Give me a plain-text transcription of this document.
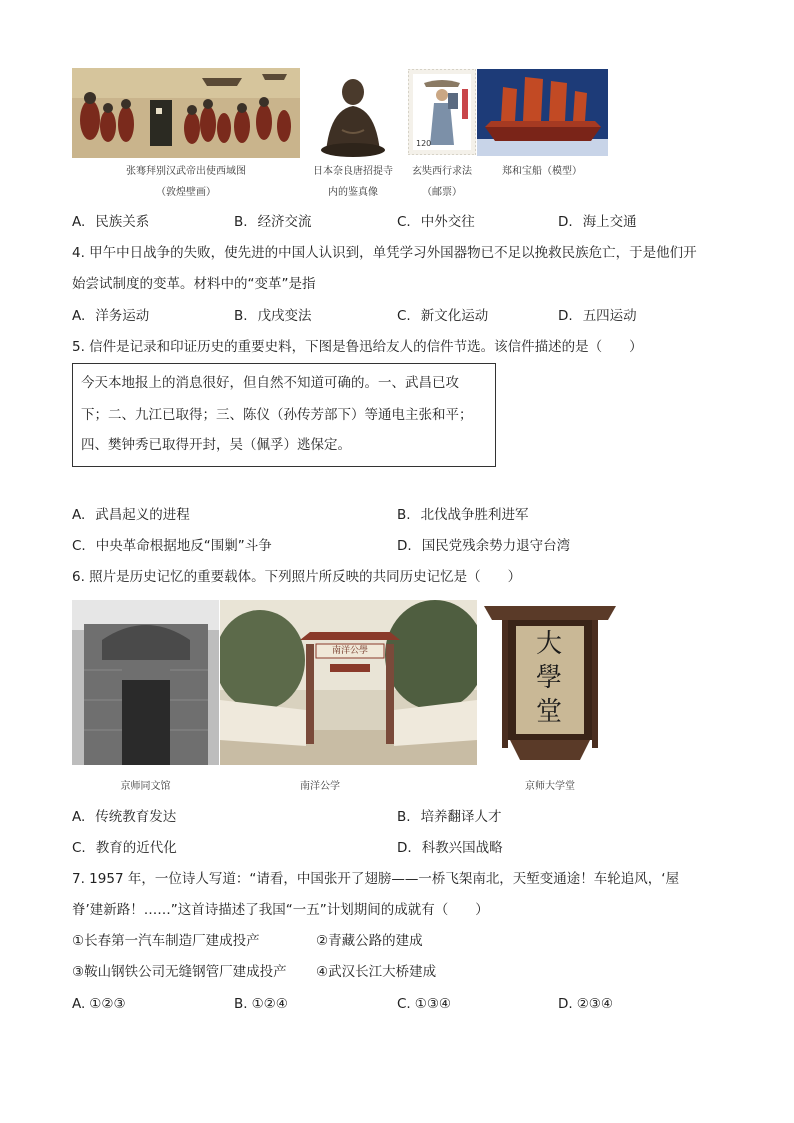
120
张骞拜别汉武帝出使西域图
（敦煌壁画）
日本奈良唐招提寺
内的鉴真像
玄奘西行求法
（邮票）
郑和宝船（模型）
A. 民族关系	B. 经济交流	C. 中外交往	D. 海上交通
4. 甲午中日战争的失败，使先进的中国人认识到，单凭学习外国器物已不足以挽救民族危亡，于是他们开
始尝试制度的变革。材料中的“变革”是指
A. 洋务运动	B. 戊戌变法	C. 新文化运动	D. 五四运动
5. 信件是记录和印证历史的重要史料，下图是鲁迅给友人的信件节选。该信件描述的是（　　）
今天本地报上的消息很好，但自然不知道可确的。一、武昌已攻
下；二、九江已取得；三、陈仪（孙传芳部下）等通电主张和平；
四、樊钟秀已取得开封，吴（佩孚）逃保定。
A. 武昌起义的进程	B. 北伐战争胜利进军
C. 中央革命根据地反“围剿”斗争	D. 国民党残余势力退守台湾
6. 照片是历史记忆的重要载体。下列照片所反映的共同历史记忆是（　　）
南洋公學	大
學
堂
京师同文馆	南洋公学	京师大学堂
A. 传统教育发达	B. 培养翻译人才
C. 教育的近代化	D. 科教兴国战略
7. 1957 年，一位诗人写道：“请看，中国张开了翅膀——一桥飞架南北，天堑变通途！车轮追风，‘屋
脊’建新路！……”这首诗描述了我国“一五”计划期间的成就有（　　）
①长春第一汽车制造厂建成投产	②青藏公路的建成
③鞍山钢铁公司无缝钢管厂建成投产 ④武汉长江大桥建成
A. ①②③	B. ①②④	C. ①③④	D. ②③④
